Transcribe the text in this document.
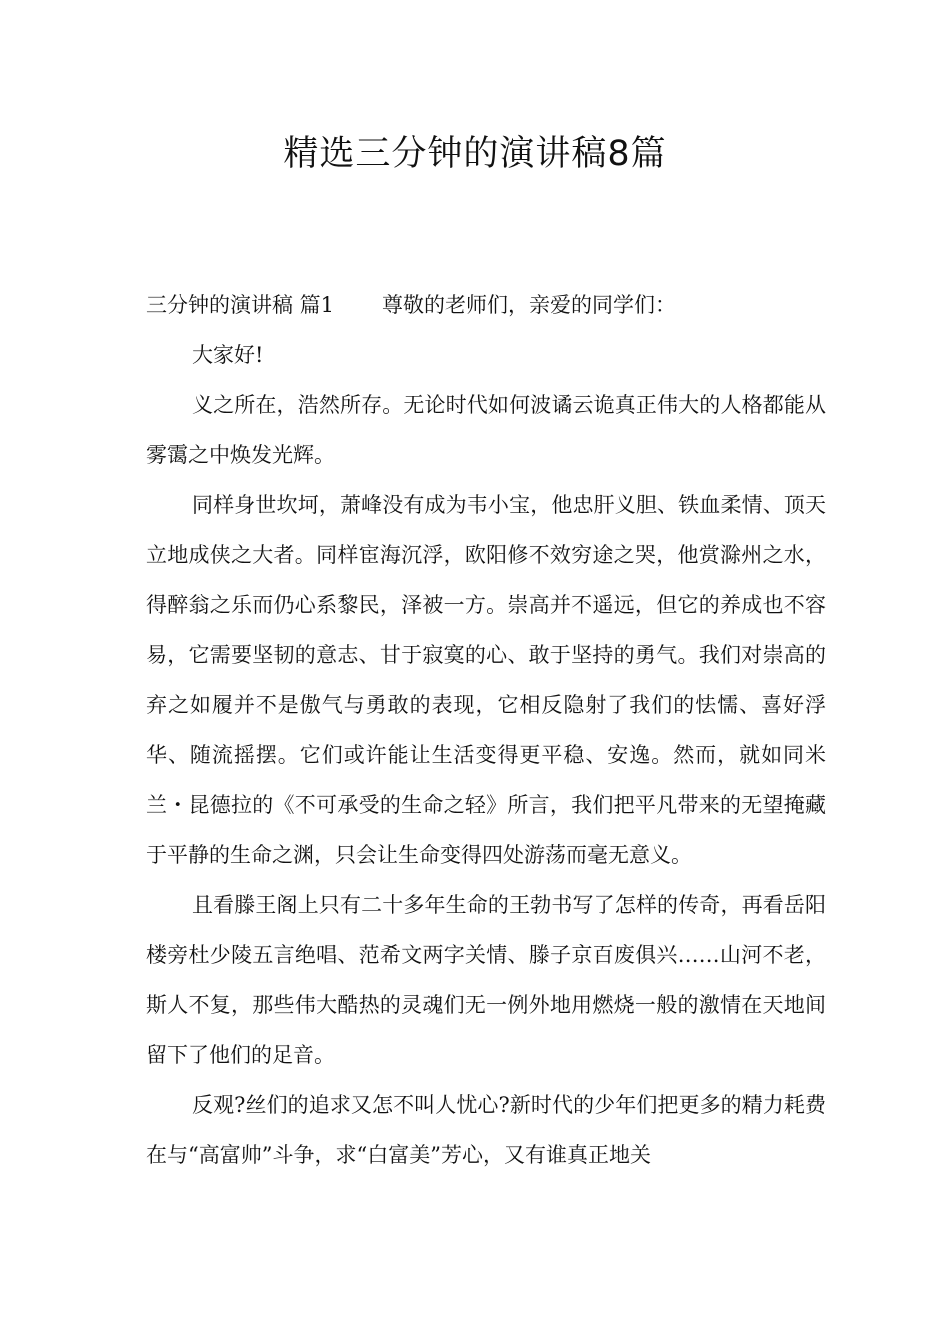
精选三分钟的演讲稿8篇

三分钟的演讲稿 篇1 尊敬的老师们，亲爱的同学们：

大家好!

义之所在，浩然所存。无论时代如何波谲云诡真正伟大的人格都能从雾霭之中焕发光辉。

同样身世坎坷，萧峰没有成为韦小宝，他忠肝义胆、铁血柔情、顶天立地成侠之大者。同样宦海沉浮，欧阳修不效穷途之哭，他赏滁州之水，得醉翁之乐而仍心系黎民，泽被一方。崇高并不遥远，但它的养成也不容易，它需要坚韧的意志、甘于寂寞的心、敢于坚持的勇气。我们对崇高的弃之如履并不是傲气与勇敢的表现，它相反隐射了我们的怯懦、喜好浮华、随流摇摆。它们或许能让生活变得更平稳、安逸。然而，就如同米兰・昆德拉的《不可承受的生命之轻》所言，我们把平凡带来的无望掩藏于平静的生命之渊，只会让生命变得四处游荡而毫无意义。

且看滕王阁上只有二十多年生命的王勃书写了怎样的传奇，再看岳阳楼旁杜少陵五言绝唱、范希文两字关情、滕子京百废俱兴……山河不老，斯人不复，那些伟大酷热的灵魂们无一例外地用燃烧一般的激情在天地间留下了他们的足音。

反观?丝们的追求又怎不叫人忧心?新时代的少年们把更多的精力耗费在与“高富帅”斗争，求“白富美”芳心，又有谁真正地关
